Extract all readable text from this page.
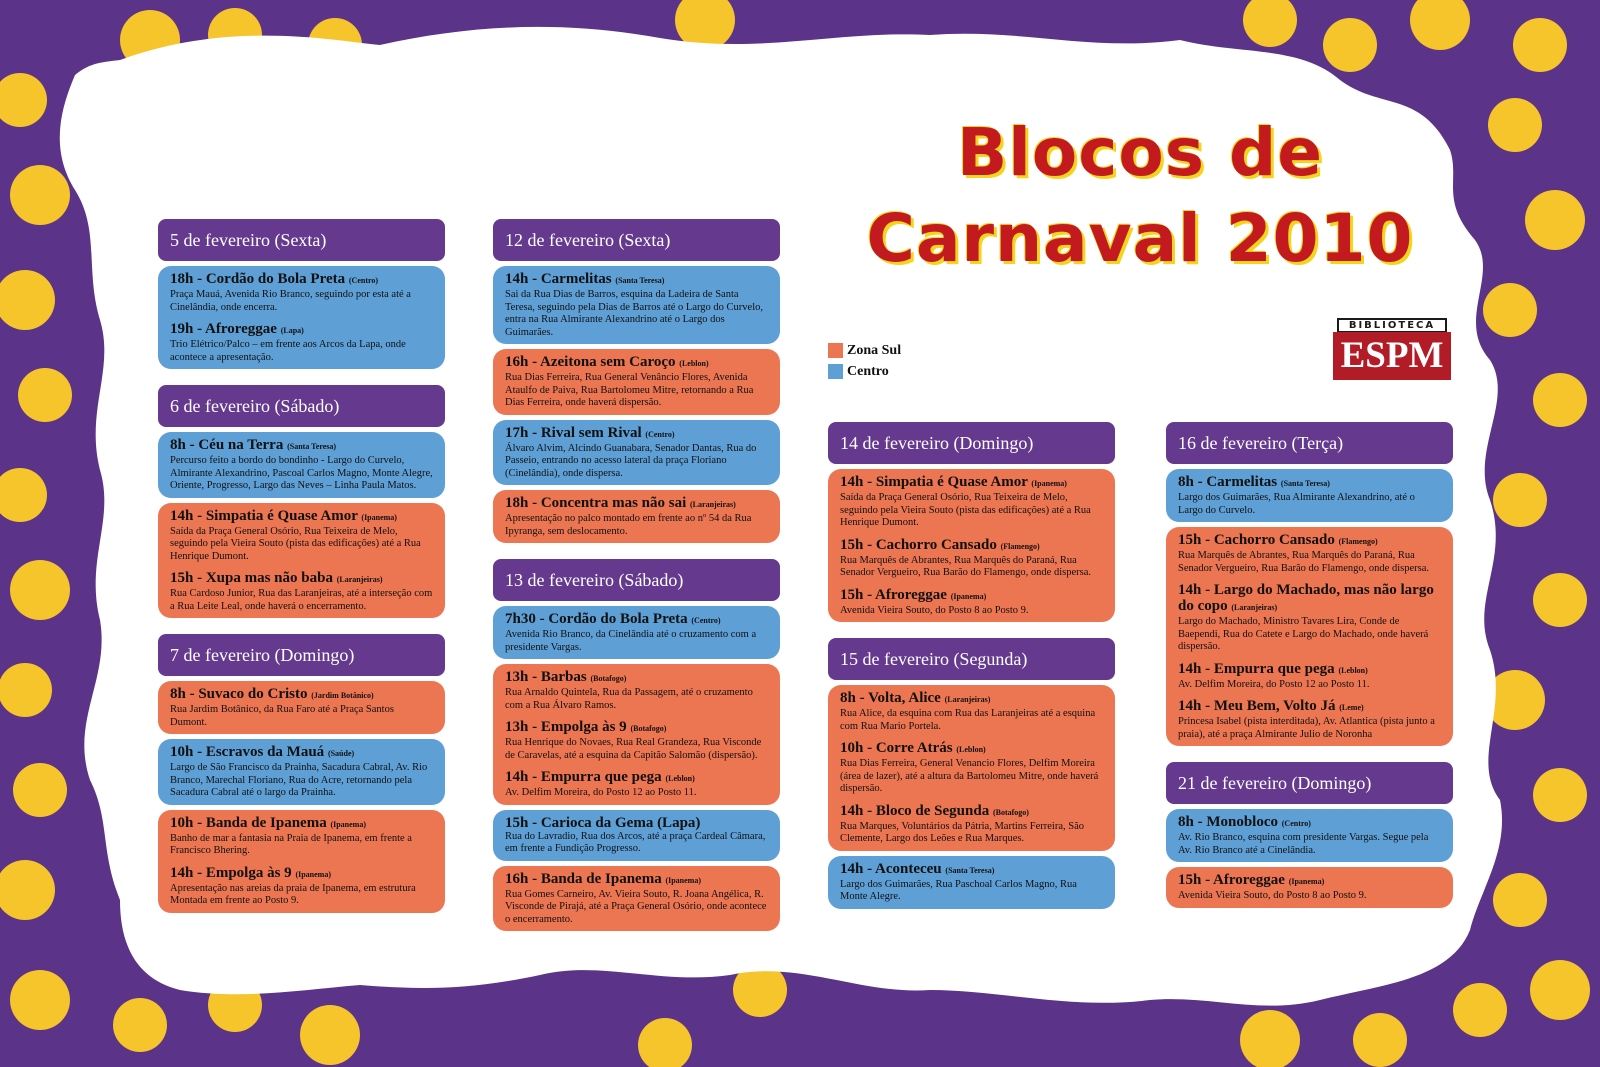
Blocos de
Carnaval 2010
Zona Sul
Centro
BIBLIOTECA
ESPM
5 de fevereiro (Sexta)
18h - Cordão do Bola Preta (Centro)
Praça Mauá, Avenida Rio Branco, seguindo por esta até a Cinelândia, onde encerra.
19h - Afroreggae (Lapa)
Trio Elétrico/Palco – em frente aos Arcos da Lapa, onde acontece a apresentação.
6 de fevereiro (Sábado)
8h - Céu na Terra (Santa Teresa)
Percurso feito a bordo do bondinho - Largo do Curvelo, Almirante Alexandrino, Pascoal Carlos Magno, Monte Alegre, Oriente, Progresso, Largo das Neves – Linha Paula Matos.
14h - Simpatia é Quase Amor (Ipanema)
Saída da Praça General Osório, Rua Teixeira de Melo, seguindo pela Vieira Souto (pista das edificações) até a Rua Henrique Dumont.
15h - Xupa mas não baba (Laranjeiras)
Rua Cardoso Junior, Rua das Laranjeiras, até a interseção com a Rua Leite Leal, onde haverá o encerramento.
7 de fevereiro (Domingo)
8h - Suvaco do Cristo (Jardim Botânico)
Rua Jardim Botânico, da Rua Faro até a Praça Santos Dumont.
10h - Escravos da Mauá (Saúde)
Largo de São Francisco da Prainha, Sacadura Cabral, Av. Rio Branco, Marechal Floriano, Rua do Acre, retornando pela Sacadura Cabral até o largo da Prainha.
10h - Banda de Ipanema (Ipanema)
Banho de mar a fantasia na Praia de Ipanema, em frente a Francisco Bhering.
14h - Empolga às 9 (Ipanema)
Apresentação nas areias da praia de Ipanema, em estrutura Montada em frente ao Posto 9.
12 de fevereiro (Sexta)
14h - Carmelitas (Santa Teresa)
Sai da Rua Dias de Barros, esquina da Ladeira de Santa Teresa, seguindo pela Dias de Barros até o Largo do Curvelo, entra na Rua Almirante Alexandrino até o Largo dos Guimarães.
16h - Azeitona sem Caroço (Leblon)
Rua Dias Ferreira, Rua General Venâncio Flores, Avenida Ataulfo de Paiva, Rua Bartolomeu Mitre, retornando a Rua Dias Ferreira, onde haverá dispersão.
17h - Rival sem Rival (Centro)
Álvaro Alvim, Alcindo Guanabara, Senador Dantas, Rua do Passeio, entrando no acesso lateral da praça Floriano (Cinelândia), onde dispersa.
18h - Concentra mas não sai (Laranjeiras)
Apresentação no palco montado em frente ao nº 54 da Rua Ipyranga, sem deslocamento.
13 de fevereiro (Sábado)
7h30 - Cordão do Bola Preta (Centro)
Avenida Rio Branco, da Cinelândia até o cruzamento com a presidente Vargas.
13h - Barbas (Botafogo)
Rua Arnaldo Quintela, Rua da Passagem, até o cruzamento com a Rua Álvaro Ramos.
13h - Empolga às 9 (Botafogo)
Rua Henrique do Novaes, Rua Real Grandeza, Rua Visconde de Caravelas, até a esquina da Capitão Salomão (dispersão).
14h - Empurra que pega (Leblon)
Av. Delfim Moreira, do Posto 12 ao Posto 11.
15h - Carioca da Gema (Lapa)
Rua do Lavradio, Rua dos Arcos, até a praça Cardeal Câmara, em frente a Fundição Progresso.
16h - Banda de Ipanema (Ipanema)
Rua Gomes Carneiro, Av. Vieira Souto, R. Joana Angélica, R. Visconde de Pirajá, até a Praça General Osório, onde acontece o encerramento.
14 de fevereiro (Domingo)
14h - Simpatia é Quase Amor (Ipanema)
Saída da Praça General Osório, Rua Teixeira de Melo, seguindo pela Vieira Souto (pista das edificações) até a Rua Henrique Dumont.
15h - Cachorro Cansado (Flamengo)
Rua Marquês de Abrantes, Rua Marquês do Paraná, Rua Senador Vergueiro, Rua Barão do Flamengo, onde dispersa.
15h - Afroreggae (Ipanema)
Avenida Vieira Souto, do Posto 8 ao Posto 9.
15 de fevereiro (Segunda)
8h - Volta, Alice (Laranjeiras)
Rua Alice, da esquina com Rua das Laranjeiras até a esquina com Rua Mario Portela.
10h - Corre Atrás (Leblon)
Rua Dias Ferreira, General Venancio Flores, Delfim Moreira (área de lazer), até a altura da Bartolomeu Mitre, onde haverá dispersão.
14h - Bloco de Segunda (Botafogo)
Rua Marques, Voluntários da Pátria, Martins Ferreira, São Clemente, Largo dos Leões e Rua Marques.
14h - Aconteceu (Santa Teresa)
Largo dos Guimarães, Rua Paschoal Carlos Magno, Rua Monte Alegre.
16 de fevereiro (Terça)
8h - Carmelitas (Santa Teresa)
Largo dos Guimarães, Rua Almirante Alexandrino, até o Largo do Curvelo.
15h - Cachorro Cansado (Flamengo)
Rua Marquês de Abrantes, Rua Marquês do Paraná, Rua Senador Vergueiro, Rua Barão do Flamengo, onde dispersa.
14h - Largo do Machado, mas não largo do copo (Laranjeiras)
Largo do Machado, Ministro Tavares Lira, Conde de Baependi, Rua do Catete e Largo do Machado, onde haverá dispersão.
14h - Empurra que pega (Leblon)
Av. Delfim Moreira, do Posto 12 ao Posto 11.
14h - Meu Bem, Volto Já (Leme)
Princesa Isabel (pista interditada), Av. Atlantica (pista junto a praia), até a praça Almirante Julio de Noronha
21 de fevereiro (Domingo)
8h - Monobloco (Centro)
Av. Rio Branco, esquina com presidente Vargas. Segue pela Av. Rio Branco até a Cinelândia.
15h - Afroreggae (Ipanema)
Avenida Vieira Souto, do Posto 8 ao Posto 9.
